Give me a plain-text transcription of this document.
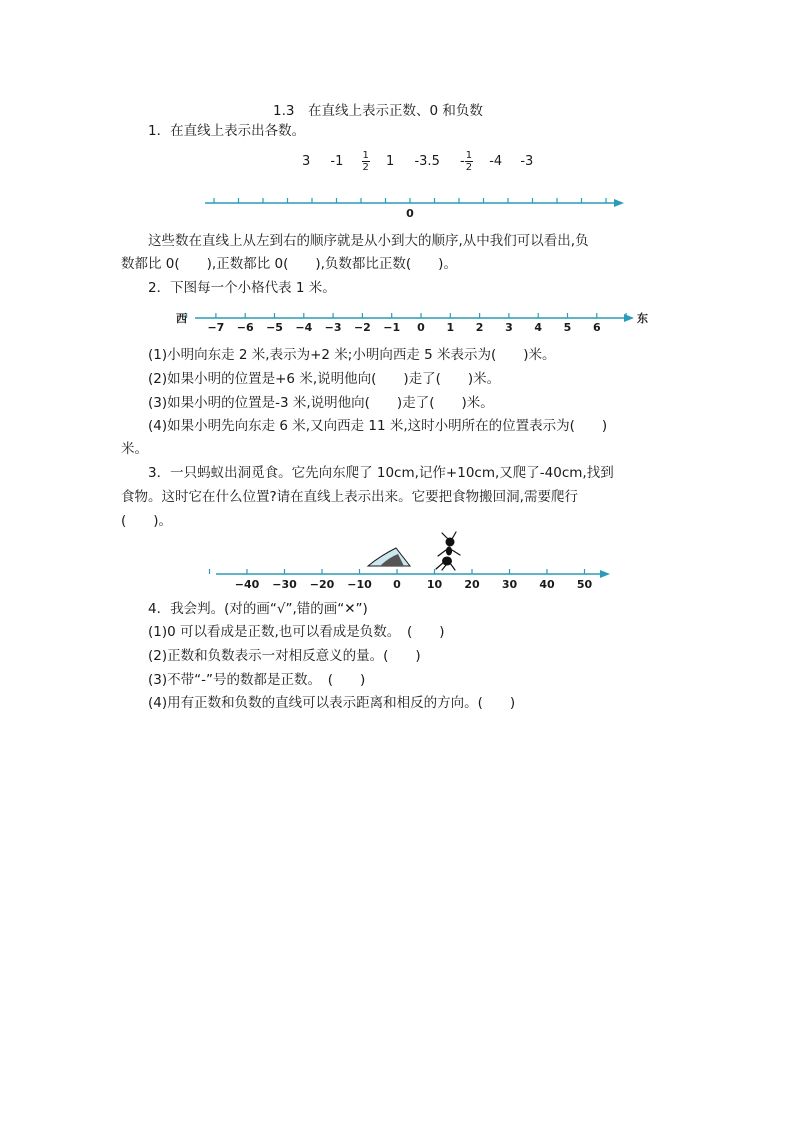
1.3　在直线上表示正数、0 和负数
1．在直线上表示出各数。
3 $-1 \frac{1}{2} 1$ $-3.5 - \frac{1}{2} -4$ -3
0
西	东
−7 −6 −5 −4 −3 −2 −1 0 1 2 3 4 5 6
−40 −30 −20 −10 0 10 20 30 40 50
这些数在直线上从左到右的顺序就是从小到大的顺序,从中我们可以看出,负
数都比 0(　　),正数都比 0(　　),负数都比正数(　　)。
2．下图每一个小格代表 1 米。
(1)小明向东走 2 米,表示为+2 米;小明向西走 5 米表示为(　　)米。
(2)如果小明的位置是+6 米,说明他向(　　)走了(　　)米。
(3)如果小明的位置是-3 米,说明他向(　　)走了(　　)米。
(4)如果小明先向东走 6 米,又向西走 11 米,这时小明所在的位置表示为(　　)
米。
3．一只蚂蚁出洞觅食。它先向东爬了 10cm,记作+10cm,又爬了-40cm,找到
食物。这时它在什么位置?请在直线上表示出来。它要把食物搬回洞,需要爬行
(　　)。
4．我会判。(对的画“√”,错的画“✕”)
(1)0 可以看成是正数,也可以看成是负数。　(　　)
(2)正数和负数表示一对相反意义的量。(　　)
(3)不带“-”号的数都是正数。　(　　)
(4)用有正数和负数的直线可以表示距离和相反的方向。(　　)
